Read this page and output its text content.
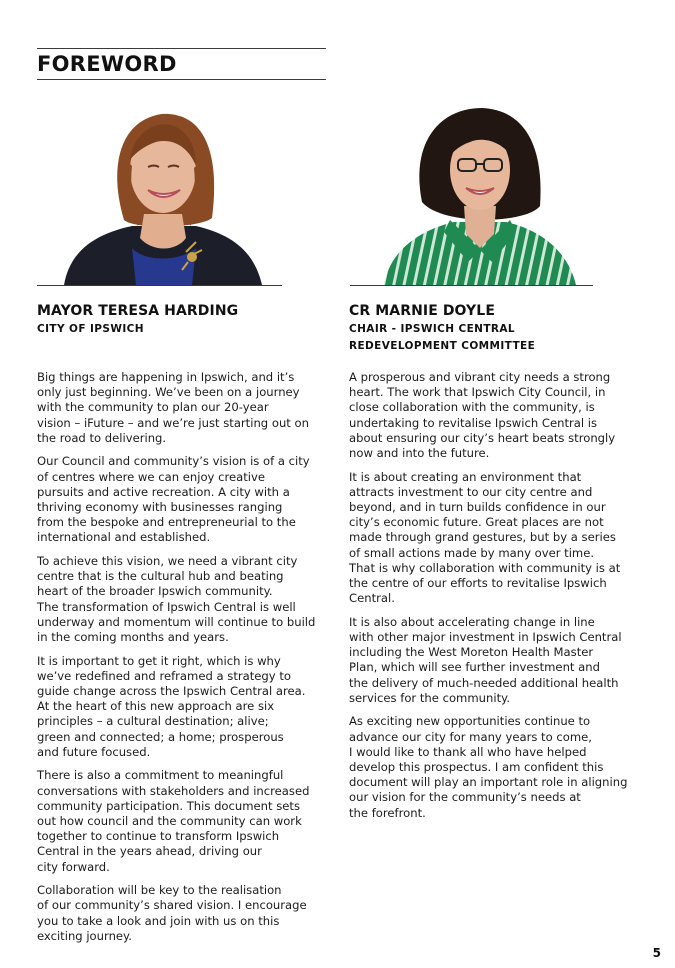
FOREWORD
MAYOR TERESA HARDING
CITY OF IPSWICH
CR MARNIE DOYLE
CHAIR - IPSWICH CENTRAL
REDEVELOPMENT COMMITTEE

Big things are happening in Ipswich, and it’s
only just beginning. We’ve been on a journey
with the community to plan our 20-year
vision – iFuture – and we’re just starting out on
the road to delivering.

Our Council and community’s vision is of a city
of centres where we can enjoy creative
pursuits and active recreation. A city with a
thriving economy with businesses ranging
from the bespoke and entrepreneurial to the
international and established.

To achieve this vision, we need a vibrant city
centre that is the cultural hub and beating
heart of the broader Ipswich community.
The transformation of Ipswich Central is well
underway and momentum will continue to build
in the coming months and years.

It is important to get it right, which is why
we’ve redefined and reframed a strategy to
guide change across the Ipswich Central area.
At the heart of this new approach are six
principles – a cultural destination; alive;
green and connected; a home; prosperous
and future focused.

There is also a commitment to meaningful
conversations with stakeholders and increased
community participation. This document sets
out how council and the community can work
together to continue to transform Ipswich
Central in the years ahead, driving our
city forward.

Collaboration will be key to the realisation
of our community’s shared vision. I encourage
you to take a look and join with us on this
exciting journey.

A prosperous and vibrant city needs a strong
heart. The work that Ipswich City Council, in
close collaboration with the community, is
undertaking to revitalise Ipswich Central is
about ensuring our city’s heart beats strongly
now and into the future.

It is about creating an environment that
attracts investment to our city centre and
beyond, and in turn builds confidence in our
city’s economic future. Great places are not
made through grand gestures, but by a series
of small actions made by many over time.
That is why collaboration with community is at
the centre of our efforts to revitalise Ipswich
Central.

It is also about accelerating change in line
with other major investment in Ipswich Central
including the West Moreton Health Master
Plan, which will see further investment and
the delivery of much-needed additional health
services for the community.

As exciting new opportunities continue to
advance our city for many years to come,
I would like to thank all who have helped
develop this prospectus. I am confident this
document will play an important role in aligning
our vision for the community’s needs at
the forefront.

5
